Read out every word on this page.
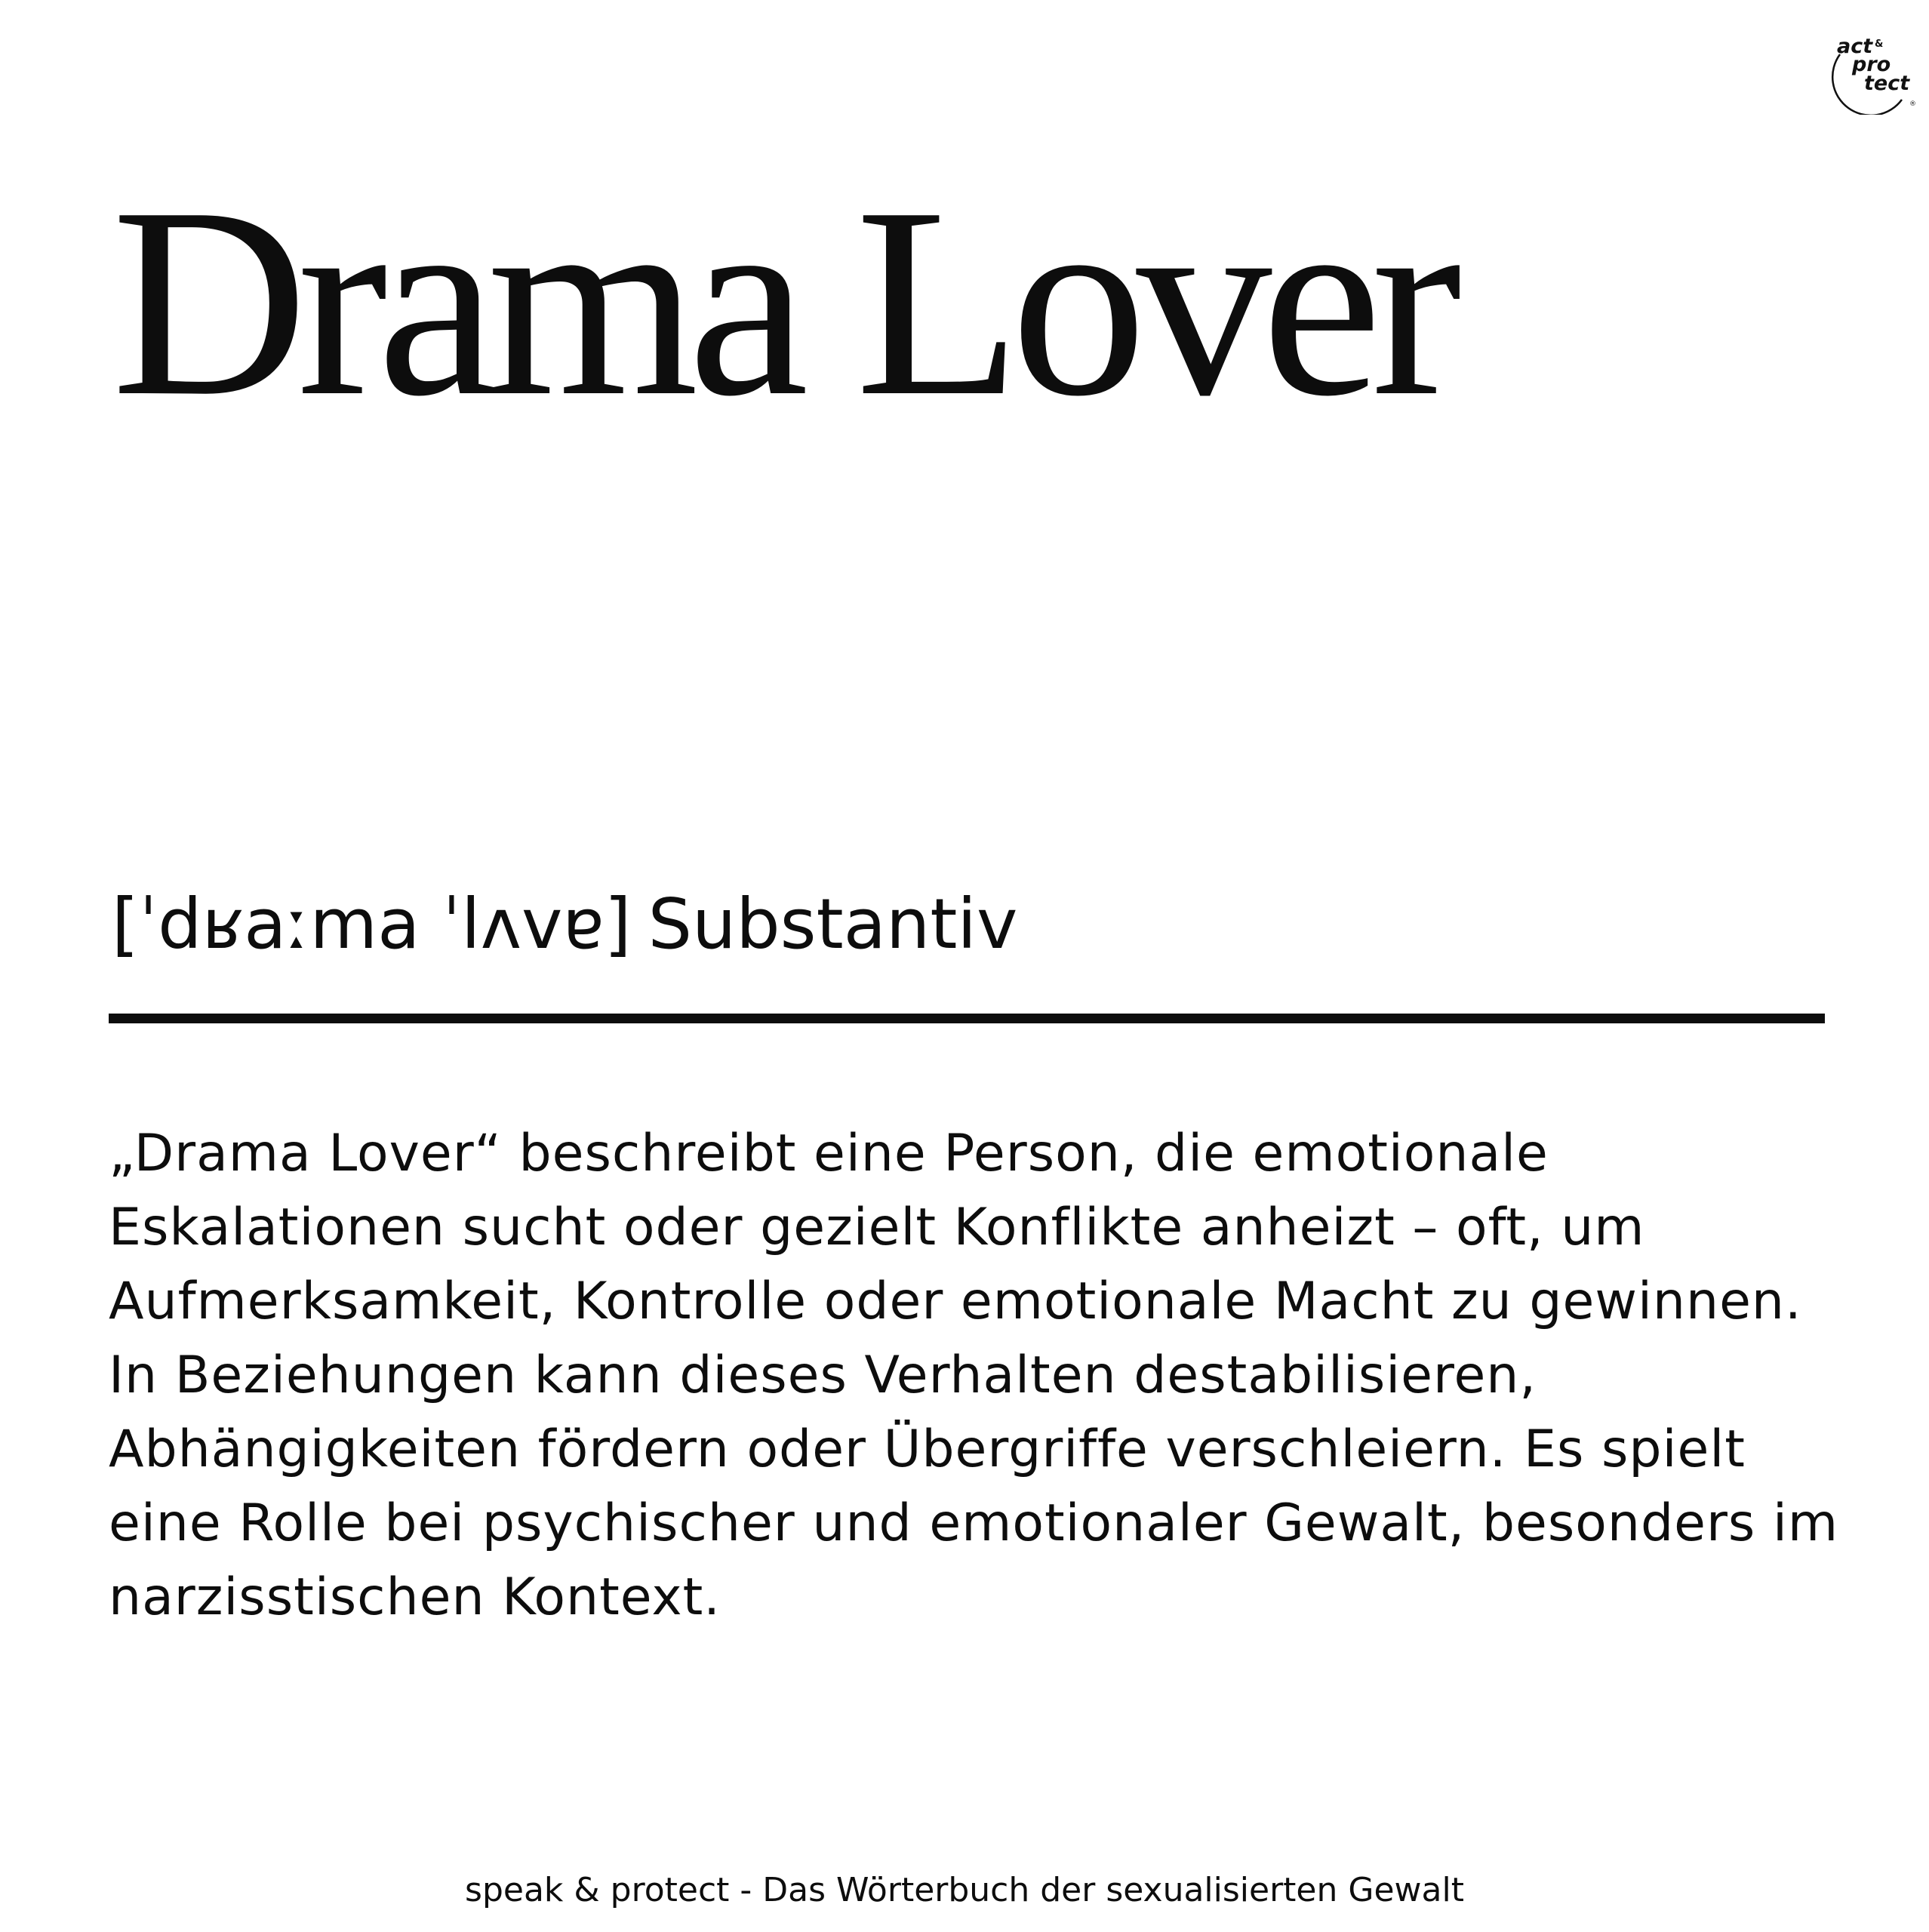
act &
pro
tect
®
Drama Lover
[ˈdʁaːma ˈlʌvɐ] Substantiv

„Drama Lover“ beschreibt eine Person, die emotionale Eskalationen sucht oder gezielt Konflikte anheizt – oft, um Aufmerksamkeit, Kontrolle oder emotionale Macht zu gewinnen. In Beziehungen kann dieses Verhalten destabilisieren, Abhängigkeiten fördern oder Übergriffe verschleiern. Es spielt eine Rolle bei psychischer und emotionaler Gewalt, besonders im narzisstischen Kontext.

speak & protect - Das Wörterbuch der sexualisierten Gewalt
